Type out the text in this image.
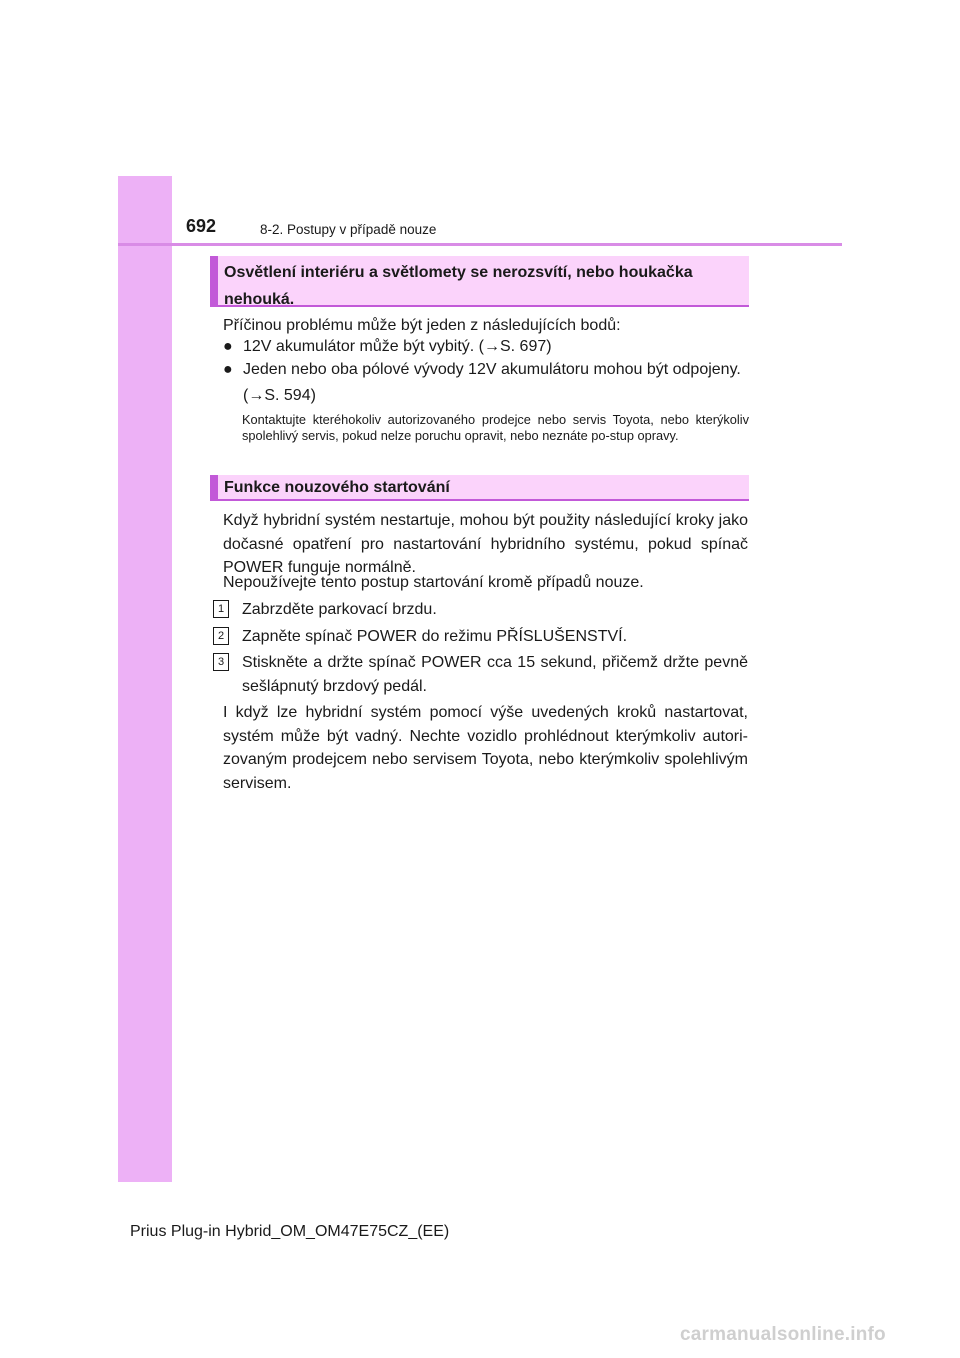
692	8-2. Postupy v případě nouze
Osvětlení interiéru a světlomety se nerozsvítí, nebo houkačka nehouká.

Příčinou problému může být jeden z následujících bodů:

● 12V akumulátor může být vybitý. (→S. 697)
● Jeden nebo oba pólové vývody 12V akumulátoru mohou být odpojeny. (→S. 594)

Kontaktujte kteréhokoliv autorizovaného prodejce nebo servis Toyota, nebo kterýkoliv spolehlivý servis, pokud nelze poruchu opravit, nebo neznáte po-stup opravy.

Funkce nouzového startování

Když hybridní systém nestartuje, mohou být použity následující kroky jako dočasné opatření pro nastartování hybridního systému, pokud spínač POWER funguje normálně.

Nepoužívejte tento postup startování kromě případů nouze.

1	Zabrzděte parkovací brzdu.
2	Zapněte spínač POWER do režimu PŘÍSLUŠENSTVÍ.
3	Stiskněte a držte spínač POWER cca 15 sekund, přičemž držte pevně sešlápnutý brzdový pedál.

I když lze hybridní systém pomocí výše uvedených kroků nastartovat, systém může být vadný. Nechte vozidlo prohlédnout kterýmkoliv autori-zovaným prodejcem nebo servisem Toyota, nebo kterýmkoliv spolehlivým servisem.

Prius Plug-in Hybrid_OM_OM47E75CZ_(EE)
carmanualsonline.info
